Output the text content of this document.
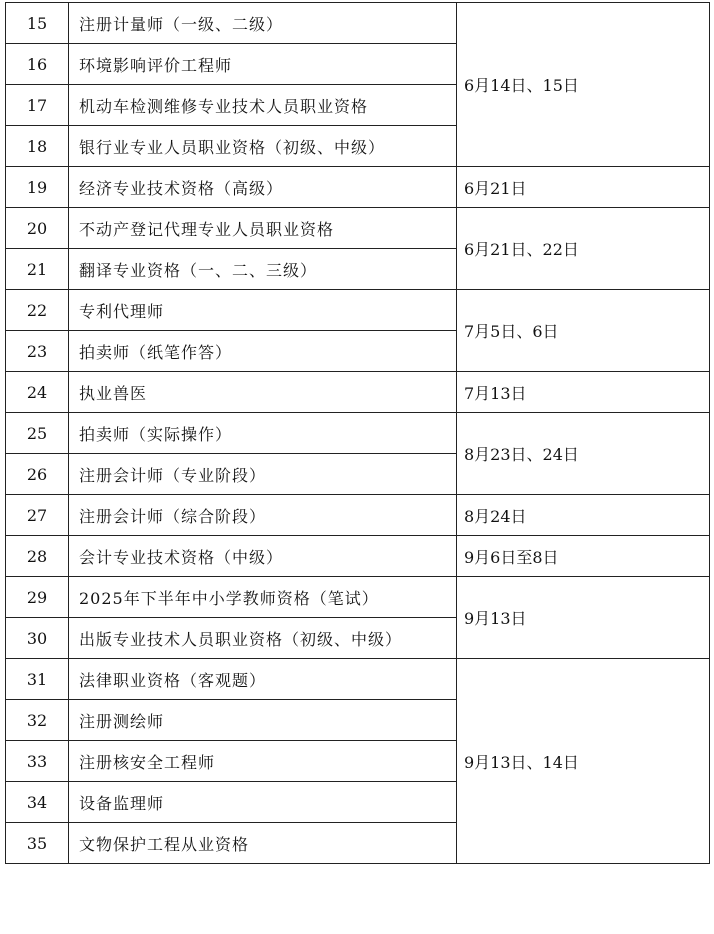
15	注册计量师（一级、二级）	6月14日、15日
16	环境影响评价工程师	
17	机动车检测维修专业技术人员职业资格	
18	银行业专业人员职业资格（初级、中级）	
19	经济专业技术资格（高级）	6月21日
20	不动产登记代理专业人员职业资格	6月21日、22日
21	翻译专业资格（一、二、三级）	
22	专利代理师	7月5日、6日
23	拍卖师（纸笔作答）	
24	执业兽医	7月13日
25	拍卖师（实际操作）	8月23日、24日
26	注册会计师（专业阶段）	
27	注册会计师（综合阶段）	8月24日
28	会计专业技术资格（中级）	9月6日至8日
29	2025年下半年中小学教师资格（笔试）	9月13日
30	出版专业技术人员职业资格（初级、中级）	
31	法律职业资格（客观题）	9月13日、14日
32	注册测绘师	
33	注册核安全工程师	
34	设备监理师	
35	文物保护工程从业资格	
